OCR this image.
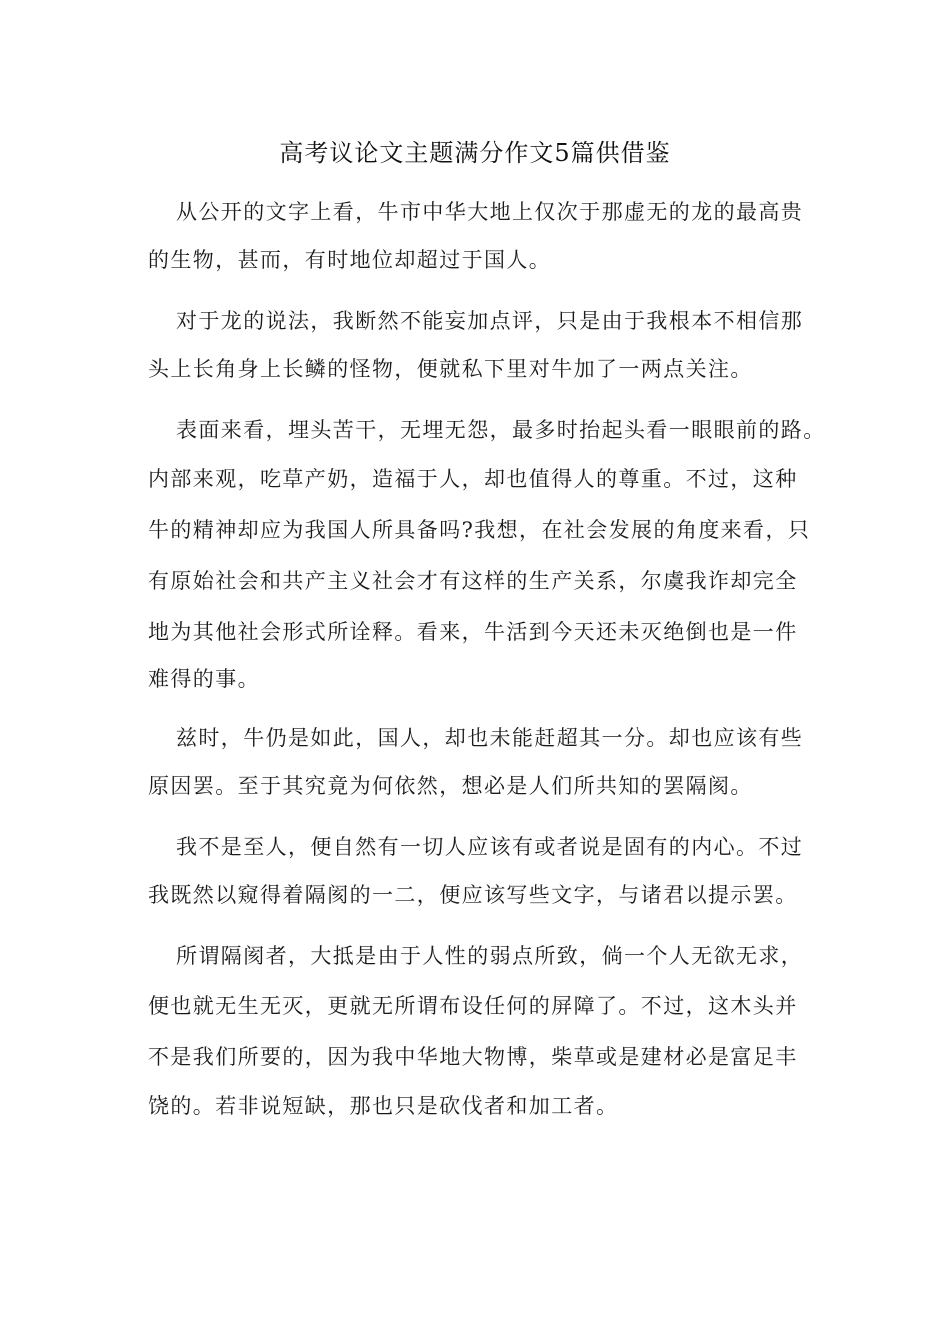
高考议论文主题满分作文5篇供借鉴
从公开的文字上看，牛市中华大地上仅次于那虚无的龙的最高贵
的生物，甚而，有时地位却超过于国人。
对于龙的说法，我断然不能妄加点评，只是由于我根本不相信那
头上长角身上长鳞的怪物，便就私下里对牛加了一两点关注。
表面来看，埋头苦干，无埋无怨，最多时抬起头看一眼眼前的路。
内部来观，吃草产奶，造福于人，却也值得人的尊重。不过，这种
牛的精神却应为我国人所具备吗?我想，在社会发展的角度来看，只
有原始社会和共产主义社会才有这样的生产关系，尔虞我诈却完全
地为其他社会形式所诠释。看来，牛活到今天还未灭绝倒也是一件
难得的事。
兹时，牛仍是如此，国人，却也未能赶超其一分。却也应该有些
原因罢。至于其究竟为何依然，想必是人们所共知的罢隔阂。
我不是至人，便自然有一切人应该有或者说是固有的内心。不过
我既然以窥得着隔阂的一二，便应该写些文字，与诸君以提示罢。
所谓隔阂者，大抵是由于人性的弱点所致，倘一个人无欲无求，
便也就无生无灭，更就无所谓布设任何的屏障了。不过，这木头并
不是我们所要的，因为我中华地大物博，柴草或是建材必是富足丰
饶的。若非说短缺，那也只是砍伐者和加工者。
